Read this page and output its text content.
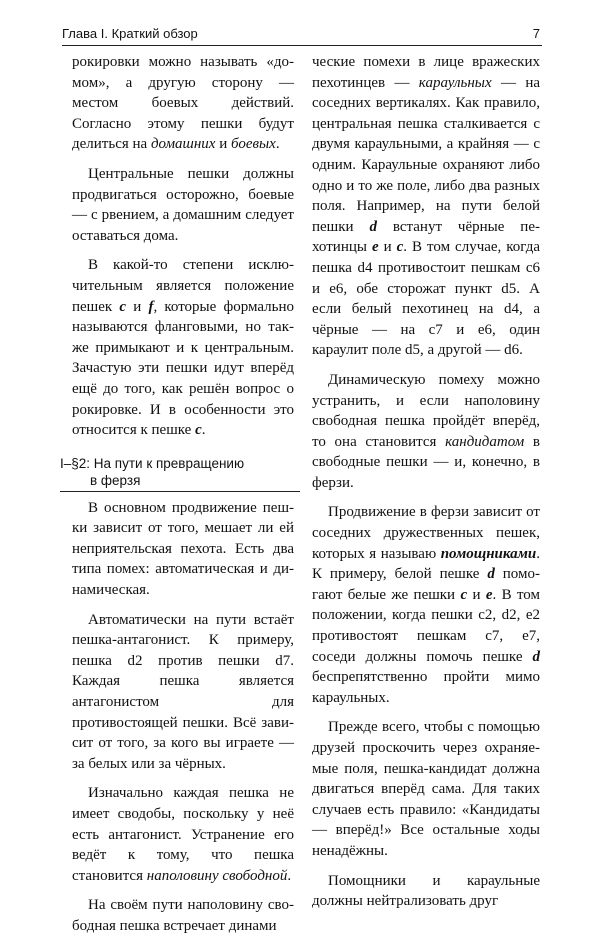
Глава I. Краткий обзор	7

рокировки можно называть «домом», а другую сторону — местом боевых действий. Согласно этому пешки будут делиться на домашних и боевых.

Центральные пешки должны продвигаться осторожно, боевые — с рвением, а домашним следует оставаться дома.

В какой-то степени исключительным является положение пешек c и f, которые формально называются фланговыми, но также примыкают и к центральным. Зачастую эти пешки идут вперёд ещё до того, как решён вопрос о рокировке. И в особенности это относится к пешке c.

I–§2: На пути к превращению
в ферзя

В основном продвижение пешки зависит от того, мешает ли ей неприятельская пехота. Есть два типа помех: автоматическая и динамическая.

Автоматически на пути встаёт пешка-антагонист. К примеру, пешка d2 против пешки d7. Каждая пешка является антагонистом для противостоящей пешки. Всё зависит от того, за кого вы играете — за белых или за чёрных.

Изначально каждая пешка не имеет сводобы, поскольку у неё есть антагонист. Устранение его ведёт к тому, что пешка становится наполовину свободной.

На своём пути наполовину свободная пешка встречает динами

ческие помехи в лице вражеских пехотинцев — караульных — на соседних вертикалях. Как правило, центральная пешка сталкивается с двумя караульными, а крайняя — с одним. Караульные охраняют либо одно и то же поле, либо два разных поля. Например, на пути белой пешки d встанут чёрные пехотинцы e и c. В том случае, когда пешка d4 противостоит пешкам c6 и e6, обе сторожат пункт d5. А если белый пехотинец на d4, а чёрные — на c7 и e6, один караулит поле d5, а другой — d6.

Динамическую помеху можно устранить, и если наполовину свободная пешка пройдёт вперёд, то она становится кандидатом в свободные пешки — и, конечно, в ферзи.

Продвижение в ферзи зависит от соседних дружественных пешек, которых я называю помощниками. К примеру, белой пешке d помогают белые же пешки c и e. В том положении, когда пешки c2, d2, e2 противостоят пешкам c7, e7, соседи должны помочь пешке d беспрепятственно пройти мимо караульных.

Прежде всего, чтобы с помощью друзей проскочить через охраняемые поля, пешка-кандидат должна двигаться вперёд сама. Для таких случаев есть правило: «Кандидаты — вперёд!» Все остальные ходы ненадёжны.

Помощники и караульные должны нейтрализовать друг
